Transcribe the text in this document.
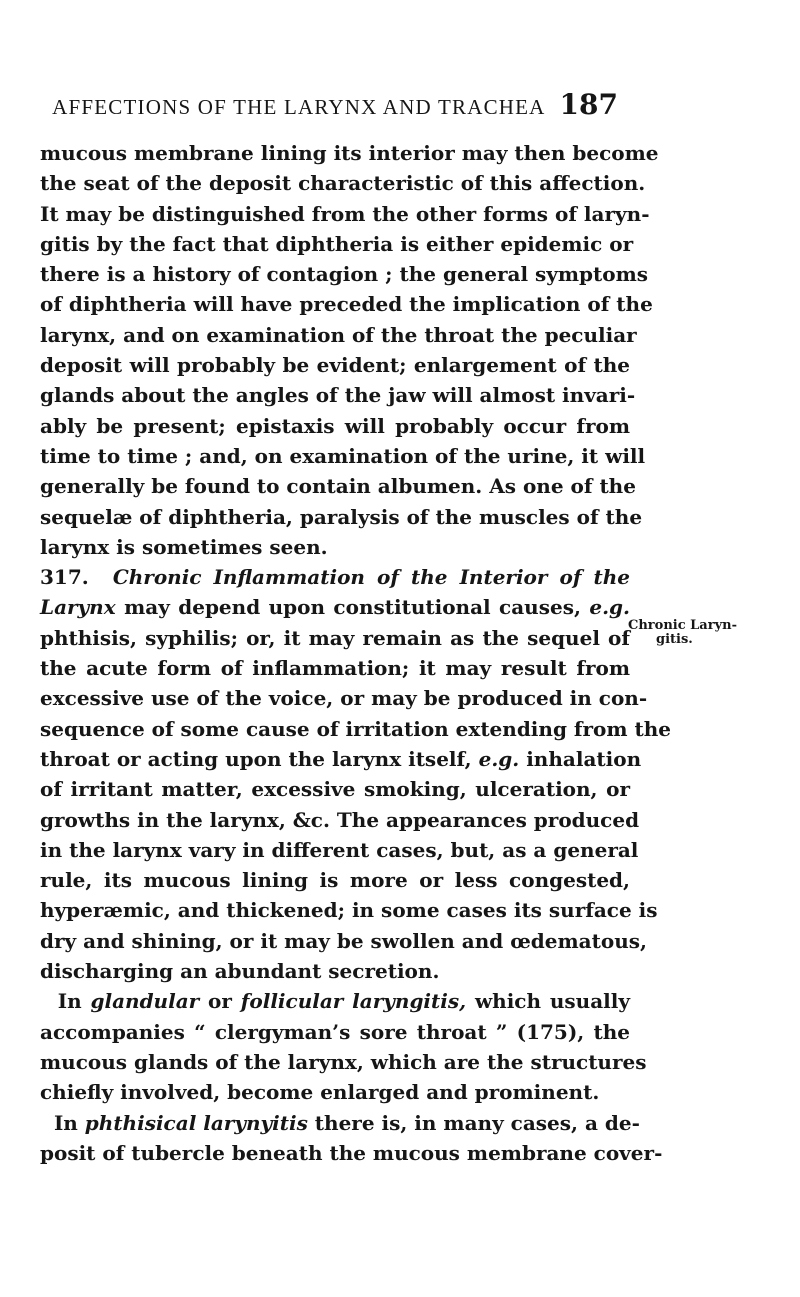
AFFECTIONS OF THE LARYNX AND TRACHEA 187
Chronic Laryn-
gitis.
mucous membrane lining its interior may then become
the seat of the deposit characteristic of this affection.
It may be distinguished from the other forms of laryn-
gitis by the fact that diphtheria is either epidemic or
there is a history of contagion ; the general symptoms
of diphtheria will have preceded the implication of the
larynx, and on examination of the throat the peculiar
deposit will probably be evident; enlargement of the
glands about the angles of the jaw will almost invari-
ably be present; epistaxis will probably occur from
time to time ; and, on examination of the urine, it will
generally be found to contain albumen. As one of the
sequelæ of diphtheria, paralysis of the muscles of the
larynx is sometimes seen.
317. Chronic Inflammation of the Interior of the
Larynx may depend upon constitutional causes, e.g.
phthisis, syphilis; or, it may remain as the sequel of
the acute form of inflammation; it may result from
excessive use of the voice, or may be produced in con-
sequence of some cause of irritation extending from the
throat or acting upon the larynx itself, e.g. inhalation
of irritant matter, excessive smoking, ulceration, or
growths in the larynx, &c. The appearances produced
in the larynx vary in different cases, but, as a general
rule, its mucous lining is more or less congested,
hyperæmic, and thickened; in some cases its surface is
dry and shining, or it may be swollen and œdematous,
discharging an abundant secretion.
In glandular or follicular laryngitis, which usually
accompanies “ clergyman’s sore throat ” (175), the
mucous glands of the larynx, which are the structures
chiefly involved, become enlarged and prominent.
In phthisical larynyitis there is, in many cases, a de-
posit of tubercle beneath the mucous membrane cover-
